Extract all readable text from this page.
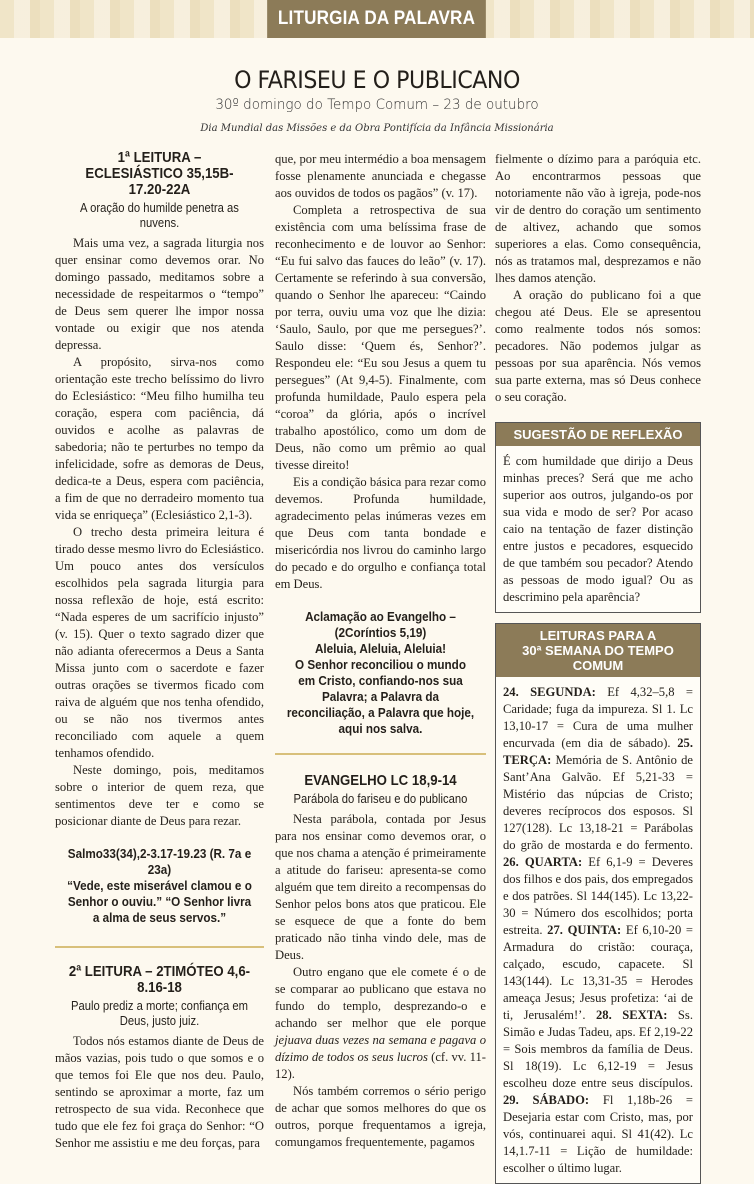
LITURGIA DA PALAVRA
O FARISEU E O PUBLICANO
30º domingo do Tempo Comum – 23 de outubro
Dia Mundial das Missões e da Obra Pontifícia da Infância Missionária
1ª LEITURA – ECLESIÁSTICO 35,15B-17.20-22A
A oração do humilde penetra as nuvens.

Mais uma vez, a sagrada liturgia nos quer ensinar como devemos orar. No domingo passado, meditamos sobre a necessidade de respeitarmos o “tempo” de Deus sem querer lhe impor nossa vontade ou exigir que nos atenda depressa.

A propósito, sirva-nos como orientação este trecho belíssimo do livro do Eclesiástico: “Meu filho humilha teu coração, espera com paciência, dá ouvidos e acolhe as palavras de sabedoria; não te perturbes no tempo da infelicidade, sofre as demoras de Deus, dedica-te a Deus, espera com paciência, a fim de que no derradeiro momento tua vida se enriqueça” (Eclesiástico 2,1-3).

O trecho desta primeira leitura é tirado desse mesmo livro do Eclesiástico. Um pouco antes dos versículos escolhidos pela sagrada liturgia para nossa reflexão de hoje, está escrito: “Nada esperes de um sacrifício injusto” (v. 15). Quer o texto sagrado dizer que não adianta oferecermos a Deus a Santa Missa junto com o sacerdote e fazer outras orações se tivermos ficado com raiva de alguém que nos tenha ofendido, ou se não nos tivermos antes reconciliado com aquele a quem tenhamos ofendido.

Neste domingo, pois, meditamos sobre o interior de quem reza, que sentimentos deve ter e como se posicionar diante de Deus para rezar.

Salmo33(34),2-3.17-19.23 (R. 7a e 23a)
“Vede, este miserável clamou e o Senhor o ouviu.” “O Senhor livra a alma de seus servos.”
2ª LEITURA – 2TIMÓTEO 4,6-8.16-18
Paulo prediz a morte; confiança em Deus, justo juiz.

Todos nós estamos diante de Deus de mãos vazias, pois tudo o que somos e o que temos foi Ele que nos deu. Paulo, sentindo se aproximar a morte, faz um retrospecto de sua vida. Reconhece que tudo que ele fez foi graça do Senhor: “O Senhor me assistiu e me deu forças, para

que, por meu intermédio a boa mensagem fosse plenamente anunciada e chegasse aos ouvidos de todos os pagãos” (v. 17).

Completa a retrospectiva de sua existência com uma belíssima frase de reconhecimento e de louvor ao Senhor: “Eu fui salvo das fauces do leão” (v. 17). Certamente se referindo à sua conversão, quando o Senhor lhe apareceu: “Caindo por terra, ouviu uma voz que lhe dizia: ‘Saulo, Saulo, por que me persegues?’. Saulo disse: ‘Quem és, Senhor?’. Respondeu ele: “Eu sou Jesus a quem tu persegues” (At 9,4-5). Finalmente, com profunda humildade, Paulo espera pela “coroa” da glória, após o incrível trabalho apostólico, como um dom de Deus, não como um prêmio ao qual tivesse direito!

Eis a condição básica para rezar como devemos. Profunda humildade, agradecimento pelas inúmeras vezes em que Deus com tanta bondade e misericórdia nos livrou do caminho largo do pecado e do orgulho e confiança total em Deus.

Aclamação ao Evangelho – (2Coríntios 5,19)
Aleluia, Aleluia, Aleluia!
O Senhor reconciliou o mundo em Cristo, confiando-nos sua Palavra; a Palavra da reconciliação, a Palavra que hoje, aqui nos salva.
EVANGELHO LC 18,9-14
Parábola do fariseu e do publicano

Nesta parábola, contada por Jesus para nos ensinar como devemos orar, o que nos chama a atenção é primeiramente a atitude do fariseu: apresenta-se como alguém que tem direito a recompensas do Senhor pelos bons atos que praticou. Ele se esquece de que a fonte do bem praticado não tinha vindo dele, mas de Deus.

Outro engano que ele comete é o de se comparar ao publicano que estava no fundo do templo, desprezando-o e achando ser melhor que ele porque jejuava duas vezes na semana e pagava o dízimo de todos os seus lucros (cf. vv. 11-12).

Nós também corremos o sério perigo de achar que somos melhores do que os outros, porque frequentamos a igreja, comungamos frequentemente, pagamos

fielmente o dízimo para a paróquia etc. Ao encontrarmos pessoas que notoriamente não vão à igreja, pode-nos vir de dentro do coração um sentimento de altivez, achando que somos superiores a elas. Como consequência, nós as tratamos mal, desprezamos e não lhes damos atenção.

A oração do publicano foi a que chegou até Deus. Ele se apresentou como realmente todos nós somos: pecadores. Não podemos julgar as pessoas por sua aparência. Nós vemos sua parte externa, mas só Deus conhece o seu coração.

SUGESTÃO DE REFLEXÃO
É com humildade que dirijo a Deus minhas preces? Será que me acho superior aos outros, julgando-os por sua vida e modo de ser? Por acaso caio na tentação de fazer distinção entre justos e pecadores, esquecido de que também sou pecador? Atendo as pessoas de modo igual? Ou as descrimino pela aparência?
LEITURAS PARA A
30ª SEMANA DO TEMPO COMUM
24. SEGUNDA: Ef 4,32–5,8 = Caridade; fuga da impureza. Sl 1. Lc 13,10-17 = Cura de uma mulher encurvada (em dia de sábado). 25. TERÇA: Memória de S. Antônio de Sant’Ana Galvão. Ef 5,21-33 = Mistério das núpcias de Cristo; deveres recíprocos dos esposos. Sl 127(128). Lc 13,18-21 = Parábolas do grão de mostarda e do fermento. 26. QUARTA: Ef 6,1-9 = Deveres dos filhos e dos pais, dos empregados e dos patrões. Sl 144(145). Lc 13,22-30 = Número dos escolhidos; porta estreita. 27. QUINTA: Ef 6,10-20 = Armadura do cristão: couraça, calçado, escudo, capacete. Sl 143(144). Lc 13,31-35 = Herodes ameaça Jesus; Jesus profetiza: ‘ai de ti, Jerusalém!’. 28. SEXTA: Ss. Simão e Judas Tadeu, aps. Ef 2,19-22 = Sois membros da família de Deus. Sl 18(19). Lc 6,12-19 = Jesus escolheu doze entre seus discípulos. 29. SÁBADO: Fl 1,18b-26 = Desejaria estar com Cristo, mas, por vós, continuarei aqui. Sl 41(42). Lc 14,1.7-11 = Lição de humildade: escolher o último lugar.
